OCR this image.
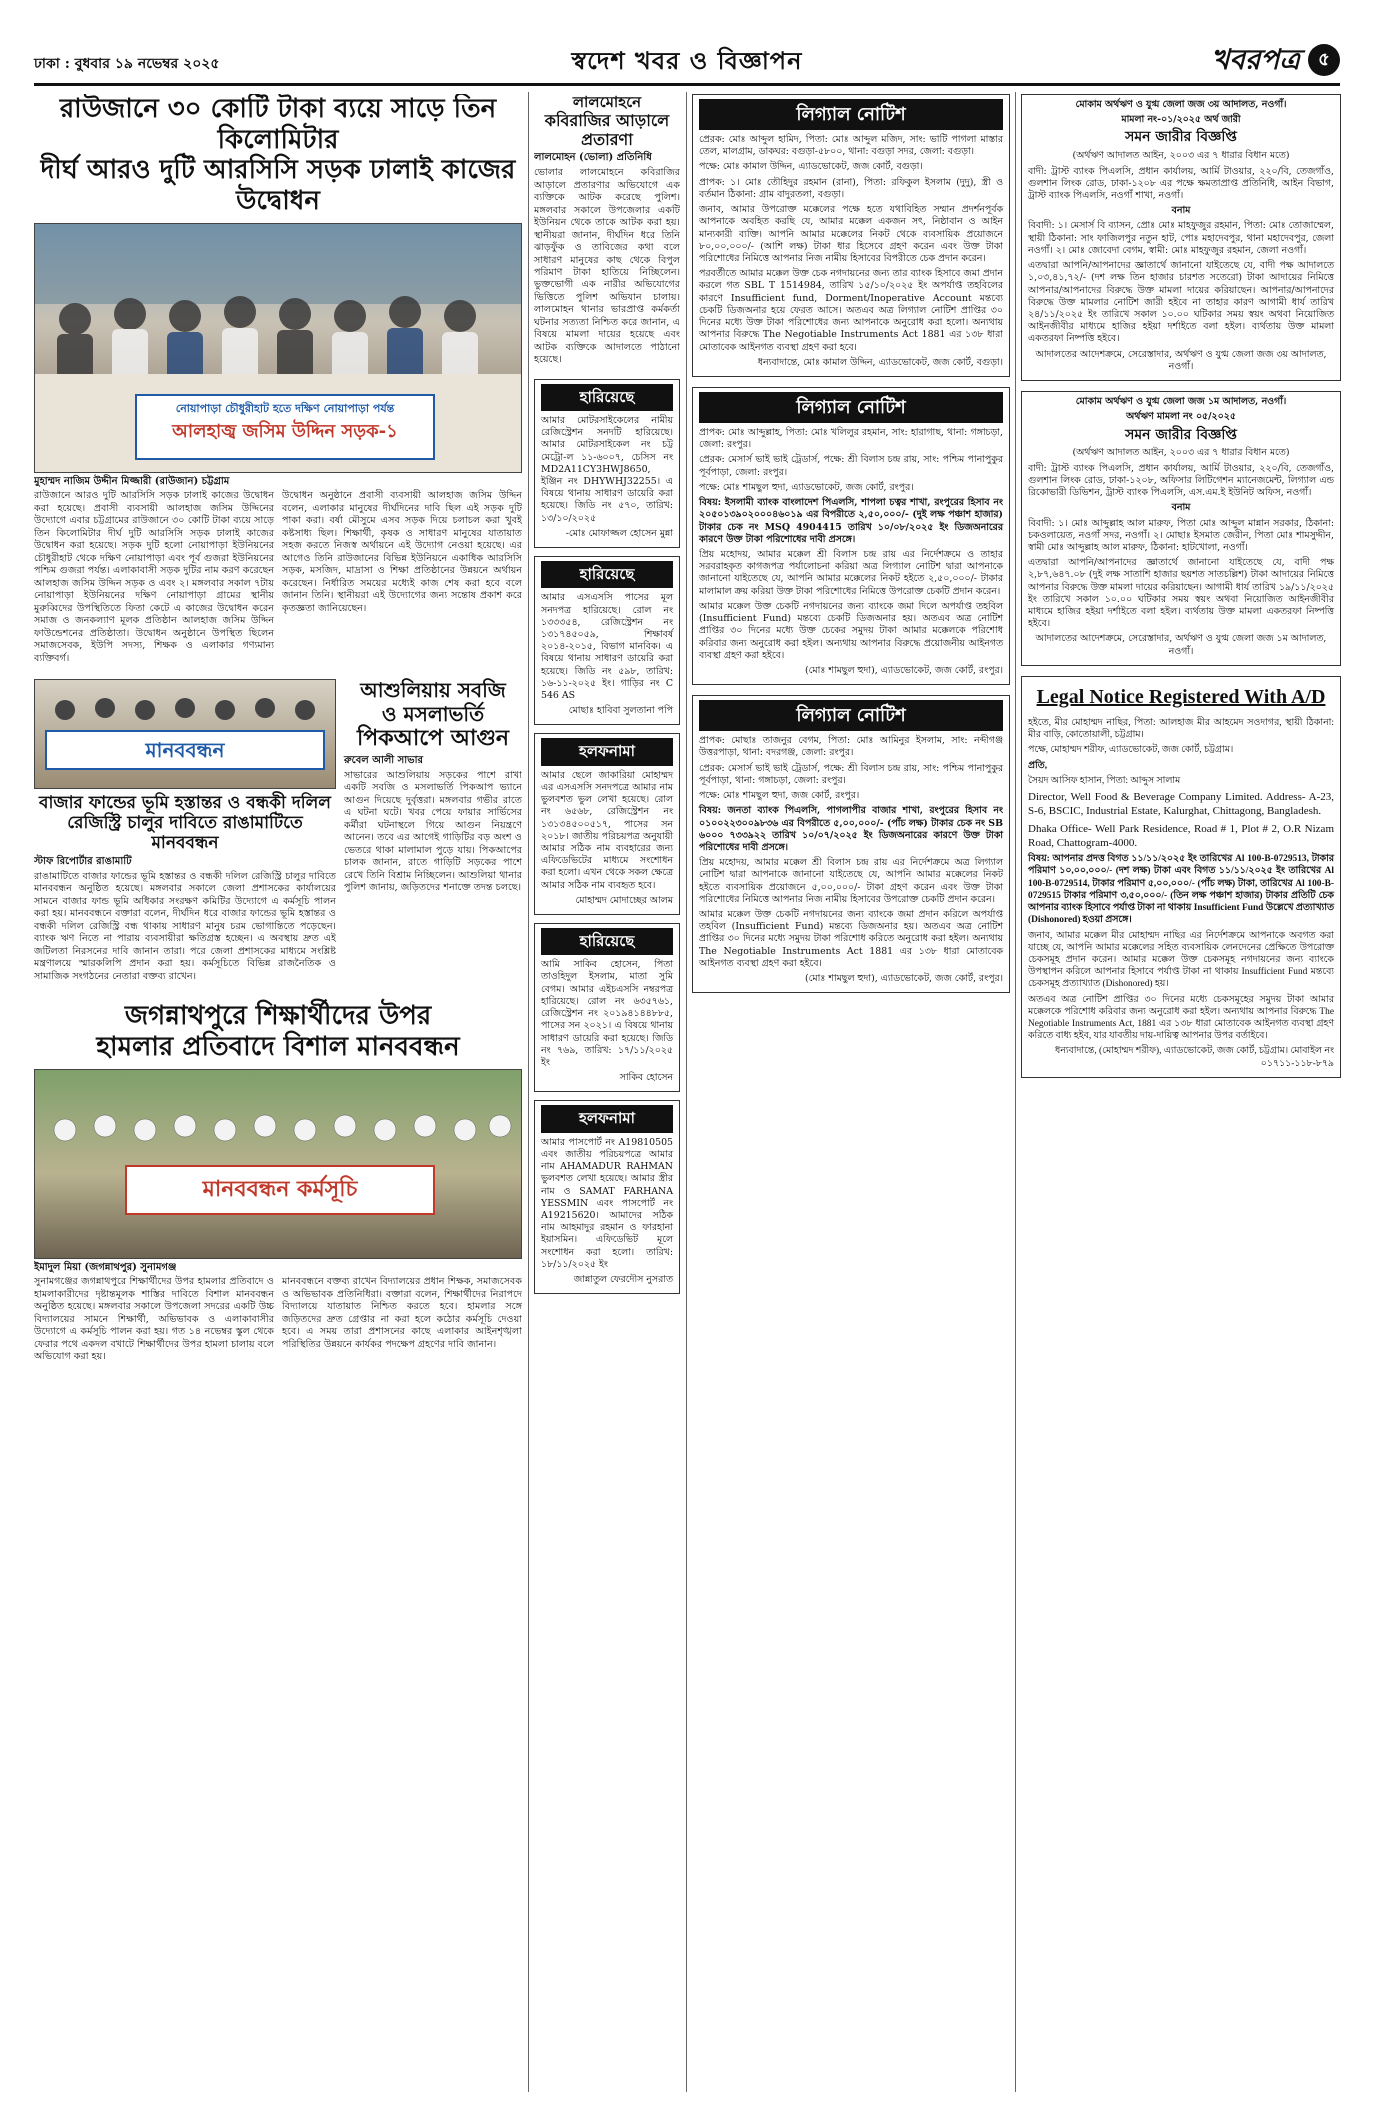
ঢাকা : বুধবার ১৯ নভেম্বর ২০২৫	স্বদেশ খবর ও বিজ্ঞাপন	খবরপত্র	৫
রাউজানে ৩০ কোটি টাকা ব্যয়ে সাড়ে তিন কিলোমিটার
দীর্ঘ আরও দুটি আরসিসি সড়ক ঢালাই কাজের উদ্বোধন
নোয়াপাড়া চৌধুরীহাট হতে দক্ষিণ নোয়াপাড়া পর্যন্ত
আলহাজ্ব জসিম উদ্দিন সড়ক-১
মুহাম্মদ নাজিম উদ্দীন মিজ্জারী (রাউজান) চট্টগ্রাম

রাউজানে আরও দুটি আরসিসি সড়ক ঢালাই কাজের উদ্বোধন করা হয়েছে। প্রবাসী ব্যবসায়ী আলহাজ জসিম উদ্দিনের উদ্যোগে এবার চট্টগ্রামের রাউজানে ৩০ কোটি টাকা ব্যয়ে সাড়ে তিন কিলোমিটার দীর্ঘ দুটি আরসিসি সড়ক ঢালাই কাজের উদ্বোধন করা হয়েছে। সড়ক দুটি হলো নোয়াপাড়া ইউনিয়নের চৌধুরীহাট থেকে দক্ষিণ নোয়াপাড়া এবং পূর্ব গুজরা ইউনিয়নের পশ্চিম গুজরা পর্যন্ত। এলাকাবাসী সড়ক দুটির নাম করণ করেছেন আলহাজ জসিম উদ্দিন সড়ক ও এবং ২। মঙ্গলবার সকাল ৭টায় নোয়াপাড়া ইউনিয়নের দক্ষিণ নোয়াপাড়া গ্রামের স্থানীয় মুরুব্বিদের উপস্থিতিতে ফিতা কেটে এ কাজের উদ্বোধন করেন সমাজ ও জনকল্যাণ মূলক প্রতিষ্ঠান আলহাজ জসিম উদ্দিন ফাউন্ডেশনের প্রতিষ্ঠাতা। উদ্বোধন অনুষ্ঠানে উপস্থিত ছিলেন সমাজসেবক, ইউপি সদস্য, শিক্ষক ও এলাকার গণ্যমান্য ব্যক্তিবর্গ।

উদ্বোধন অনুষ্ঠানে প্রবাসী ব্যবসায়ী আলহাজ জসিম উদ্দিন বলেন, এলাকার মানুষের দীর্ঘদিনের দাবি ছিল এই সড়ক দুটি পাকা করা। বর্ষা মৌসুমে এসব সড়ক দিয়ে চলাচল করা খুবই কষ্টসাধ্য ছিল। শিক্ষার্থী, কৃষক ও সাধারণ মানুষের যাতায়াত সহজ করতে নিজস্ব অর্থায়নে এই উদ্যোগ নেওয়া হয়েছে। এর আগেও তিনি রাউজানের বিভিন্ন ইউনিয়নে একাধিক আরসিসি সড়ক, মসজিদ, মাদ্রাসা ও শিক্ষা প্রতিষ্ঠানের উন্নয়নে অর্থায়ন করেছেন। নির্ধারিত সময়ের মধ্যেই কাজ শেষ করা হবে বলে জানান তিনি। স্থানীয়রা এই উদ্যোগের জন্য সন্তোষ প্রকাশ করে কৃতজ্ঞতা জানিয়েছেন।

মানববন্ধন
বাজার ফান্ডের ভূমি হস্তান্তর ও বন্ধকী দলিল
রেজিস্ট্রি চালুর দাবিতে রাঙামাটিতে মানববন্ধন
স্টাফ রিপোর্টার রাঙামাটি

রাঙামাটিতে বাজার ফান্ডের ভূমি হস্তান্তর ও বন্ধকী দলিল রেজিস্ট্রি চালুর দাবিতে মানববন্ধন অনুষ্ঠিত হয়েছে। মঙ্গলবার সকালে জেলা প্রশাসকের কার্যালয়ের সামনে বাজার ফান্ড ভূমি অধিকার সংরক্ষণ কমিটির উদ্যোগে এ কর্মসূচি পালন করা হয়। মানববন্ধনে বক্তারা বলেন, দীর্ঘদিন ধরে বাজার ফান্ডের ভূমি হস্তান্তর ও বন্ধকী দলিল রেজিস্ট্রি বন্ধ থাকায় সাধারণ মানুষ চরম ভোগান্তিতে পড়েছেন। ব্যাংক ঋণ নিতে না পারায় ব্যবসায়ীরা ক্ষতিগ্রস্ত হচ্ছেন। এ অবস্থায় দ্রুত এই জটিলতা নিরসনের দাবি জানান তারা। পরে জেলা প্রশাসকের মাধ্যমে সংশ্লিষ্ট মন্ত্রণালয়ে স্মারকলিপি প্রদান করা হয়। কর্মসূচিতে বিভিন্ন রাজনৈতিক ও সামাজিক সংগঠনের নেতারা বক্তব্য রাখেন।

আশুলিয়ায় সবজি
ও মসলাভর্তি
পিকআপে আগুন
রুবেল আলী সাভার

সাভারের আশুলিয়ায় সড়কের পাশে রাখা একটি সবজি ও মসলাভর্তি পিকআপ ভ্যানে আগুন দিয়েছে দুর্বৃত্তরা। মঙ্গলবার গভীর রাতে এ ঘটনা ঘটে। খবর পেয়ে ফায়ার সার্ভিসের কর্মীরা ঘটনাস্থলে গিয়ে আগুন নিয়ন্ত্রণে আনেন। তবে এর আগেই গাড়িটির বড় অংশ ও ভেতরে থাকা মালামাল পুড়ে যায়। পিকআপের চালক জানান, রাতে গাড়িটি সড়কের পাশে রেখে তিনি বিশ্রাম নিচ্ছিলেন। আশুলিয়া থানার পুলিশ জানায়, জড়িতদের শনাক্তে তদন্ত চলছে।

জগন্নাথপুরে শিক্ষার্থীদের উপর
হামলার প্রতিবাদে বিশাল মানববন্ধন
মানববন্ধন কর্মসূচি
ইমাদুল মিয়া (জগন্নাথপুর) সুনামগঞ্জ

সুনামগঞ্জের জগন্নাথপুরে শিক্ষার্থীদের উপর হামলার প্রতিবাদে ও হামলাকারীদের দৃষ্টান্তমূলক শাস্তির দাবিতে বিশাল মানববন্ধন অনুষ্ঠিত হয়েছে। মঙ্গলবার সকালে উপজেলা সদরের একটি উচ্চ বিদ্যালয়ের সামনে শিক্ষার্থী, অভিভাবক ও এলাকাবাসীর উদ্যোগে এ কর্মসূচি পালন করা হয়। গত ১৪ নভেম্বর স্কুল থেকে ফেরার পথে একদল বখাটে শিক্ষার্থীদের উপর হামলা চালায় বলে অভিযোগ করা হয়।

মানববন্ধনে বক্তব্য রাখেন বিদ্যালয়ের প্রধান শিক্ষক, সমাজসেবক ও অভিভাবক প্রতিনিধিরা। বক্তারা বলেন, শিক্ষার্থীদের নিরাপদে বিদ্যালয়ে যাতায়াত নিশ্চিত করতে হবে। হামলার সঙ্গে জড়িতদের দ্রুত গ্রেপ্তার না করা হলে কঠোর কর্মসূচি দেওয়া হবে। এ সময় তারা প্রশাসনের কাছে এলাকার আইনশৃঙ্খলা পরিস্থিতির উন্নয়নে কার্যকর পদক্ষেপ গ্রহণের দাবি জানান।

লালমোহনে
কবিরাজির আড়ালে প্রতারণা
লালমোহন (ভোলা) প্রতিনিধি

ভোলার লালমোহনে কবিরাজির আড়ালে প্রতারণার অভিযোগে এক ব্যক্তিকে আটক করেছে পুলিশ। মঙ্গলবার সকালে উপজেলার একটি ইউনিয়ন থেকে তাকে আটক করা হয়। স্থানীয়রা জানান, দীর্ঘদিন ধরে তিনি ঝাড়ফুঁক ও তাবিজের কথা বলে সাধারণ মানুষের কাছ থেকে বিপুল পরিমাণ টাকা হাতিয়ে নিচ্ছিলেন। ভুক্তভোগী এক নারীর অভিযোগের ভিত্তিতে পুলিশ অভিযান চালায়। লালমোহন থানার ভারপ্রাপ্ত কর্মকর্তা ঘটনার সত্যতা নিশ্চিত করে জানান, এ বিষয়ে মামলা দায়ের হয়েছে এবং আটক ব্যক্তিকে আদালতে পাঠানো হয়েছে।

হারিয়েছে

আমার মোটরসাইকেলের নামীয় রেজিস্ট্রেশন সনদটি হারিয়েছে। আমার মোটরসাইকেল নং চট্ট মেট্রো-ল ১১-৬০০৭, চেসিস নং MD2A11CY3HWJ8650, ইঞ্জিন নং DHYWHJ32255। এ বিষয়ে থানায় সাধারণ ডায়েরি করা হয়েছে। জিডি নং ৫৭০, তারিখ: ১৩/১০/২০২৫

-মোঃ মোফাজ্জল হোসেন মুন্না

হারিয়েছে

আমার এসএসসি পাসের মূল সনদপত্র হারিয়েছে। রোল নং ১৩৩৩৫৪, রেজিস্ট্রেশন নং ১৩১৭৪৫০৫৯, শিক্ষাবর্ষ ২০১৪-২০১৫, বিভাগ মানবিক। এ বিষয়ে থানায় সাধারণ ডায়েরি করা হয়েছে। জিডি নং ৫৯৮, তারিখ: ১৬-১১-২০২৫ ইং। গাড়ির নং C 546 AS

মোছাঃ হাবিবা সুলতানা পপি

হলফনামা

আমার ছেলে জাকারিয়া মোহাম্মদ এর এসএসসি সনদপত্রে আমার নাম ভুলবশত ভুল লেখা হয়েছে। রোল নং ৬৫৬৮, রেজিস্ট্রেশন নং ১৩১৩৪৫০০৫১৭, পাসের সন ২০১৮। জাতীয় পরিচয়পত্র অনুযায়ী আমার সঠিক নাম ব্যবহারের জন্য এফিডেভিটের মাধ্যমে সংশোধন করা হলো। এখন থেকে সকল ক্ষেত্রে আমার সঠিক নাম ব্যবহৃত হবে।

মোহাম্মদ মোদাচ্ছের আলম

হারিয়েছে

আমি সাকিব হোসেন, পিতা তাওহিদুল ইসলাম, মাতা সুমি বেগম। আমার এইচএসসি নম্বরপত্র হারিয়েছে। রোল নং ৬৩৫৭৬১, রেজিস্ট্রেশন নং ২০১৯৪১৪৪৮৮৫, পাসের সন ২০২১। এ বিষয়ে থানায় সাধারণ ডায়েরি করা হয়েছে। জিডি নং ৭৬৯, তারিখ: ১৭/১১/২০২৫ ইং

সাকিব হোসেন

হলফনামা

আমার পাসপোর্ট নং A19810505 এবং জাতীয় পরিচয়পত্রে আমার নাম AHAMADUR RAHMAN ভুলবশত লেখা হয়েছে। আমার স্ত্রীর নাম ও SAMAT FARHANA YESSMIN এবং পাসপোর্ট নং A19215620। আমাদের সঠিক নাম আহমাদুর রহমান ও ফারহানা ইয়াসমিন। এফিডেভিট মূলে সংশোধন করা হলো। তারিখ: ১৮/১১/২০২৫ ইং

জান্নাতুল ফেরদৌস নুসরাত

লিগ্যাল নোটিশ

প্রেরক: মোঃ আব্দুল হামিদ, পিতা: মোঃ আব্দুল মজিদ, সাং: ভাটি পাগলা মাস্তার তেল, মালগ্রাম, ডাকঘর: বগুড়া-৫৮০০, থানা: বগুড়া সদর, জেলা: বগুড়া।

পক্ষে: মোঃ কামাল উদ্দিন, এ্যাডভোকেট, জজ কোর্ট, বগুড়া।

প্রাপক: ১। মোঃ তৌহিদুর রহমান (রানা), পিতা: রফিকুল ইসলাম (দুদু), স্ত্রী ও বর্তমান ঠিকানা: গ্রাম বাদুরতলা, বগুড়া।

জনাব, আমার উপরোক্ত মক্কেলের পক্ষে হতে যথাবিহিত সম্মান প্রদর্শনপূর্বক আপনাকে অবহিত করছি যে, আমার মক্কেল একজন সৎ, নিষ্ঠাবান ও আইন মান্যকারী ব্যক্তি। আপনি আমার মক্কেলের নিকট থেকে ব্যবসায়িক প্রয়োজনে ৮০,০০,০০০/- (আশি লক্ষ) টাকা ধার হিসেবে গ্রহণ করেন এবং উক্ত টাকা পরিশোধের নিমিত্তে আপনার নিজ নামীয় হিসাবের বিপরীতে চেক প্রদান করেন।

পরবর্তীতে আমার মক্কেল উক্ত চেক নগদায়নের জন্য তার ব্যাংক হিসাবে জমা প্রদান করলে গত SBL T 1514984, তারিখ ১৫/১০/২০২৫ ইং অপর্যাপ্ত তহবিলের কারণে Insufficient fund, Dorment/Inoperative Account মন্তব্যে চেকটি ডিজঅনার হয়ে ফেরত আসে। অতএব অত্র লিগ্যাল নোটিশ প্রাপ্তির ৩০ দিনের মধ্যে উক্ত টাকা পরিশোধের জন্য আপনাকে অনুরোধ করা হলো। অন্যথায় আপনার বিরুদ্ধে The Negotiable Instruments Act 1881 এর ১৩৮ ধারা মোতাবেক আইনগত ব্যবস্থা গ্রহণ করা হবে।

ধন্যবাদান্তে, মোঃ কামাল উদ্দিন, এ্যাডভোকেট, জজ কোর্ট, বগুড়া।

লিগ্যাল নোটিশ

প্রাপক: মোঃ আব্দুল্লাহ, পিতা: মোঃ খলিলুর রহমান, সাং: হারাগাছ, থানা: গঙ্গাচড়া, জেলা: রংপুর।

প্রেরক: মেসার্স ভাই ভাই ট্রেডার্স, পক্ষে: শ্রী বিলাস চন্দ্র রায়, সাং: পশ্চিম পানাপুকুর পূর্বপাড়া, জেলা: রংপুর।

পক্ষে: মোঃ শামছুল হুদা, এ্যাডভোকেট, জজ কোর্ট, রংপুর।

বিষয়: ইসলামী ব্যাংক বাংলাদেশ পিএলসি, শাপলা চত্বর শাখা, রংপুরের হিসাব নং ২০৫০১৩৯০২০০০৪৬০১৯ এর বিপরীতে ২,৫০,০০০/- (দুই লক্ষ পঞ্চাশ হাজার) টাকার চেক নং MSQ 4904415 তারিখ ১০/০৮/২০২৫ ইং ডিজঅনারের কারণে উক্ত টাকা পরিশোধের দাবী প্রসঙ্গে।

প্রিয় মহোদয়, আমার মক্কেল শ্রী বিলাস চন্দ্র রায় এর নির্দেশক্রমে ও তাহার সরবরাহকৃত কাগজপত্র পর্যালোচনা করিয়া অত্র লিগ্যাল নোটিশ দ্বারা আপনাকে জানানো যাইতেছে যে, আপনি আমার মক্কেলের নিকট হইতে ২,৫০,০০০/- টাকার মালামাল ক্রয় করিয়া উক্ত টাকা পরিশোধের নিমিত্তে উপরোক্ত চেকটি প্রদান করেন।

আমার মক্কেল উক্ত চেকটি নগদায়নের জন্য ব্যাংকে জমা দিলে অপর্যাপ্ত তহবিল (Insufficient Fund) মন্তব্যে চেকটি ডিজঅনার হয়। অতএব অত্র নোটিশ প্রাপ্তির ৩০ দিনের মধ্যে উক্ত চেকের সমুদয় টাকা আমার মক্কেলকে পরিশোধ করিবার জন্য অনুরোধ করা হইল। অন্যথায় আপনার বিরুদ্ধে প্রয়োজনীয় আইনগত ব্যবস্থা গ্রহণ করা হইবে।

(মোঃ শামছুল হুদা), এ্যাডভোকেট, জজ কোর্ট, রংপুর।

লিগ্যাল নোটিশ

প্রাপক: মোছাঃ তাজনুর বেগম, পিতা: মোঃ আমিনুর ইসলাম, সাং: নব্দীগঞ্জ উত্তরপাড়া, থানা: বদরগঞ্জ, জেলা: রংপুর।

প্রেরক: মেসার্স ভাই ভাই ট্রেডার্স, পক্ষে: শ্রী বিলাস চন্দ্র রায়, সাং: পশ্চিম পানাপুকুর পূর্বপাড়া, থানা: গঙ্গাচড়া, জেলা: রংপুর।

পক্ষে: মোঃ শামছুল হুদা, জজ কোর্ট, রংপুর।

বিষয়: জনতা ব্যাংক পিএলসি, পাগলাপীর বাজার শাখা, রংপুরের হিসাব নং ০১০০২২৩০০৯৮৩৬ এর বিপরীতে ৫,০০,০০০/- (পাঁচ লক্ষ) টাকার চেক নং SB ৬০০০ ৭৩৩৯২২ তারিখ ১০/০৭/২০২৫ ইং ডিজঅনারের কারণে উক্ত টাকা পরিশোধের দাবী প্রসঙ্গে।

প্রিয় মহোদয়, আমার মক্কেল শ্রী বিলাস চন্দ্র রায় এর নির্দেশক্রমে অত্র লিগ্যাল নোটিশ দ্বারা আপনাকে জানানো যাইতেছে যে, আপনি আমার মক্কেলের নিকট হইতে ব্যবসায়িক প্রয়োজনে ৫,০০,০০০/- টাকা গ্রহণ করেন এবং উক্ত টাকা পরিশোধের নিমিত্তে আপনার নিজ নামীয় হিসাবের উপরোক্ত চেকটি প্রদান করেন।

আমার মক্কেল উক্ত চেকটি নগদায়নের জন্য ব্যাংকে জমা প্রদান করিলে অপর্যাপ্ত তহবিল (Insufficient Fund) মন্তব্যে ডিজঅনার হয়। অতএব অত্র নোটিশ প্রাপ্তির ৩০ দিনের মধ্যে সমুদয় টাকা পরিশোধ করিতে অনুরোধ করা হইল। অন্যথায় The Negotiable Instruments Act 1881 এর ১৩৮ ধারা মোতাবেক আইনগত ব্যবস্থা গ্রহণ করা হইবে।

(মোঃ শামছুল হুদা), এ্যাডভোকেট, জজ কোর্ট, রংপুর।

মোকাম অর্থঋণ ও যুগ্ম জেলা জজ ৩য় আদালত, নওগাঁ।

মামলা নং-০১/২০২৫ অর্থ জারী

সমন জারীর বিজ্ঞপ্তি

(অর্থঋণ আদালত আইন, ২০০৩ এর ৭ ধারার বিধান মতে)

বাদী: ট্রাস্ট ব্যাংক পিএলসি, প্রধান কার্যালয়, আর্মি টাওয়ার, ২২০/বি, তেজগাঁও, গুলশান লিংক রোড, ঢাকা-১২০৮ এর পক্ষে ক্ষমতাপ্রাপ্ত প্রতিনিধি, আইন বিভাগ, ট্রাস্ট ব্যাংক পিএলসি, নওগাঁ শাখা, নওগাঁ।

বনাম

বিবাদী: ১। মেসার্স বি ব্যাসন, প্রোঃ মোঃ মাহফুজুর রহমান, পিতা: মোঃ তোজাম্মেল, স্থায়ী ঠিকানা: সাং ফাজিলপুর নতুন হাট, পোঃ মহাদেবপুর, থানা মহাদেবপুর, জেলা নওগাঁ। ২। মোঃ জোবেদা বেগম, স্বামী: মোঃ মাহফুজুর রহমান, জেলা নওগাঁ।

এতদ্বারা আপনি/আপনাদের জ্ঞাতার্থে জানানো যাইতেছে যে, বাদী পক্ষ আদালতে ১,০৩,৪১,৭২/- (দশ লক্ষ তিন হাজার চারশত সতেরো) টাকা আদায়ের নিমিত্তে আপনার/আপনাদের বিরুদ্ধে উক্ত মামলা দায়ের করিয়াছেন। আপনার/আপনাদের বিরুদ্ধে উক্ত মামলার নোটিশ জারী হইবে না তাহার কারণ আগামী ধার্য তারিখ ২৪/১১/২০২৫ ইং তারিখে সকাল ১০.০০ ঘটিকার সময় স্বয়ং অথবা নিয়োজিত আইনজীবীর মাধ্যমে হাজির হইয়া দর্শাইতে বলা হইল। ব্যর্থতায় উক্ত মামলা একতরফা নিষ্পত্তি হইবে।

আদালতের আদেশক্রমে, সেরেস্তাদার, অর্থঋণ ও যুগ্ম জেলা জজ ৩য় আদালত, নওগাঁ।

মোকাম অর্থঋণ ও যুগ্ম জেলা জজ ১ম আদালত, নওগাঁ।

অর্থঋণ মামলা নং ০৫/২০২৫

সমন জারীর বিজ্ঞপ্তি

(অর্থঋণ আদালত আইন, ২০০৩ এর ৭ ধারার বিধান মতে)

বাদী: ট্রাস্ট ব্যাংক পিএলসি, প্রধান কার্যালয়, আর্মি টাওয়ার, ২২০/বি, তেজগাঁও, গুলশান লিংক রোড, ঢাকা-১২০৮, অফিসার লিটিগেশন ম্যানেজমেন্ট, লিগ্যাল এন্ড রিকোভারী ডিভিশন, ট্রাস্ট ব্যাংক পিএলসি, এস.এম.ই ইউনিট অফিস, নওগাঁ।

বনাম

বিবাদী: ১। মোঃ আব্দুল্লাহ আল মারুফ, পিতা মোঃ আব্দুল মান্নান সরকার, ঠিকানা: চকওলায়েত, নওগাঁ সদর, নওগাঁ। ২। মোছাঃ ইসমাত জেরীন, পিতা মোঃ শামসুদ্দীন, স্বামী মোঃ আব্দুল্লাহ আল মারুফ, ঠিকানা: হাটখোলা, নওগাঁ।

এতদ্বারা আপনি/আপনাদের জ্ঞাতার্থে জানানো যাইতেছে যে, বাদী পক্ষ ২,৮৭,৬৪৭.০৮ (দুই লক্ষ সাতাশি হাজার ছয়শত সাতচল্লিশ) টাকা আদায়ের নিমিত্তে আপনার বিরুদ্ধে উক্ত মামলা দায়ের করিয়াছেন। আগামী ধার্য তারিখ ১৯/১১/২০২৫ ইং তারিখে সকাল ১০.০০ ঘটিকার সময় স্বয়ং অথবা নিয়োজিত আইনজীবীর মাধ্যমে হাজির হইয়া দর্শাইতে বলা হইল। ব্যর্থতায় উক্ত মামলা একতরফা নিষ্পত্তি হইবে।

আদালতের আদেশক্রমে, সেরেস্তাদার, অর্থঋণ ও যুগ্ম জেলা জজ ১ম আদালত, নওগাঁ।

Legal Notice Registered With A/D

হইতে, মীর মোহাম্মদ নাছির, পিতা: আলহাজ মীর আহমেদ সওদাগর, স্থায়ী ঠিকানা: মীর বাড়ি, কোতোয়ালী, চট্টগ্রাম।

পক্ষে, মোহাম্মদ শরীফ, এ্যাডভোকেট, জজ কোর্ট, চট্টগ্রাম।

প্রতি,

সৈয়দ আসিফ হাসান, পিতা: আব্দুস সালাম

Director, Well Food & Beverage Company Limited. Address- A-23, S-6, BSCIC, Industrial Estate, Kalurghat, Chittagong, Bangladesh.

Dhaka Office- Well Park Residence, Road # 1, Plot # 2, O.R Nizam Road, Chattogram-4000.

বিষয়: আপনার প্রদত্ত বিগত ১১/১১/২০২৫ ইং তারিখের Al 100-B-0729513, টাকার পরিমাণ ১০,০০,০০০/- (দশ লক্ষ) টাকা এবং বিগত ১১/১১/২০২৫ ইং তারিখের Al 100-B-0729514, টাকার পরিমাণ ৫,০০,০০০/- (পাঁচ লক্ষ) টাকা, তারিখের Al 100-B-0729515 টাকার পরিমাণ ৩,৫০,০০০/- (তিন লক্ষ পঞ্চাশ হাজার) টাকার প্রতিটি চেক আপনার ব্যাংক হিসাবে পর্যাপ্ত টাকা না থাকায় Insufficient Fund উল্লেখে প্রত্যাখ্যাত (Dishonored) হওয়া প্রসঙ্গে।

জনাব, আমার মক্কেল মীর মোহাম্মদ নাছির এর নির্দেশক্রমে আপনাকে অবগত করা যাচ্ছে যে, আপনি আমার মক্কেলের সহিত ব্যবসায়িক লেনদেনের প্রেক্ষিতে উপরোক্ত চেকসমূহ প্রদান করেন। আমার মক্কেল উক্ত চেকসমূহ নগদায়নের জন্য ব্যাংকে উপস্থাপন করিলে আপনার হিসাবে পর্যাপ্ত টাকা না থাকায় Insufficient Fund মন্তব্যে চেকসমূহ প্রত্যাখ্যাত (Dishonored) হয়।

অতএব অত্র নোটিশ প্রাপ্তির ৩০ দিনের মধ্যে চেকসমূহের সমুদয় টাকা আমার মক্কেলকে পরিশোধ করিবার জন্য অনুরোধ করা হইল। অন্যথায় আপনার বিরুদ্ধে The Negotiable Instruments Act, 1881 এর ১৩৮ ধারা মোতাবেক আইনগত ব্যবস্থা গ্রহণ করিতে বাধ্য হইব, যার যাবতীয় দায়-দায়িত্ব আপনার উপর বর্তাইবে।

ধন্যবাদান্তে, (মোহাম্মদ শরীফ), এ্যাডভোকেট, জজ কোর্ট, চট্টগ্রাম। মোবাইল নং ০১৭১১-১১৮-৮৭৯
